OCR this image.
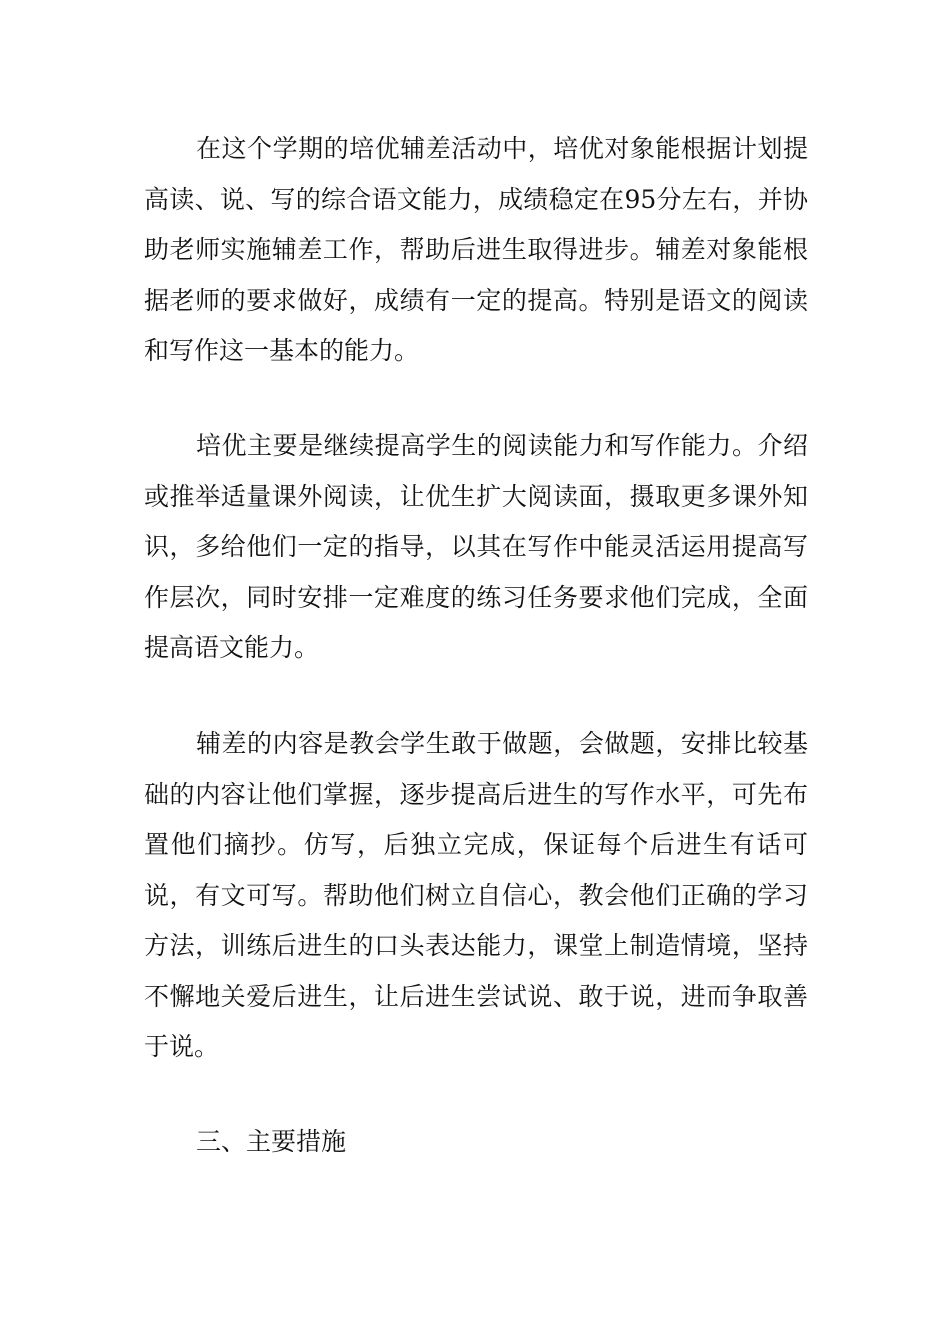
在这个学期的培优辅差活动中，培优对象能根据计划提高读、说、写的综合语文能力，成绩稳定在95分左右，并协助老师实施辅差工作，帮助后进生取得进步。辅差对象能根据老师的要求做好，成绩有一定的提高。特别是语文的阅读和写作这一基本的能力。

培优主要是继续提高学生的阅读能力和写作能力。介绍或推举适量课外阅读，让优生扩大阅读面，摄取更多课外知识，多给他们一定的指导，以其在写作中能灵活运用提高写作层次，同时安排一定难度的练习任务要求他们完成，全面提高语文能力。

辅差的内容是教会学生敢于做题，会做题，安排比较基础的内容让他们掌握，逐步提高后进生的写作水平，可先布置他们摘抄。仿写，后独立完成，保证每个后进生有话可说，有文可写。帮助他们树立自信心，教会他们正确的学习方法，训练后进生的口头表达能力，课堂上制造情境，坚持不懈地关爱后进生，让后进生尝试说、敢于说，进而争取善于说。

三、主要措施
